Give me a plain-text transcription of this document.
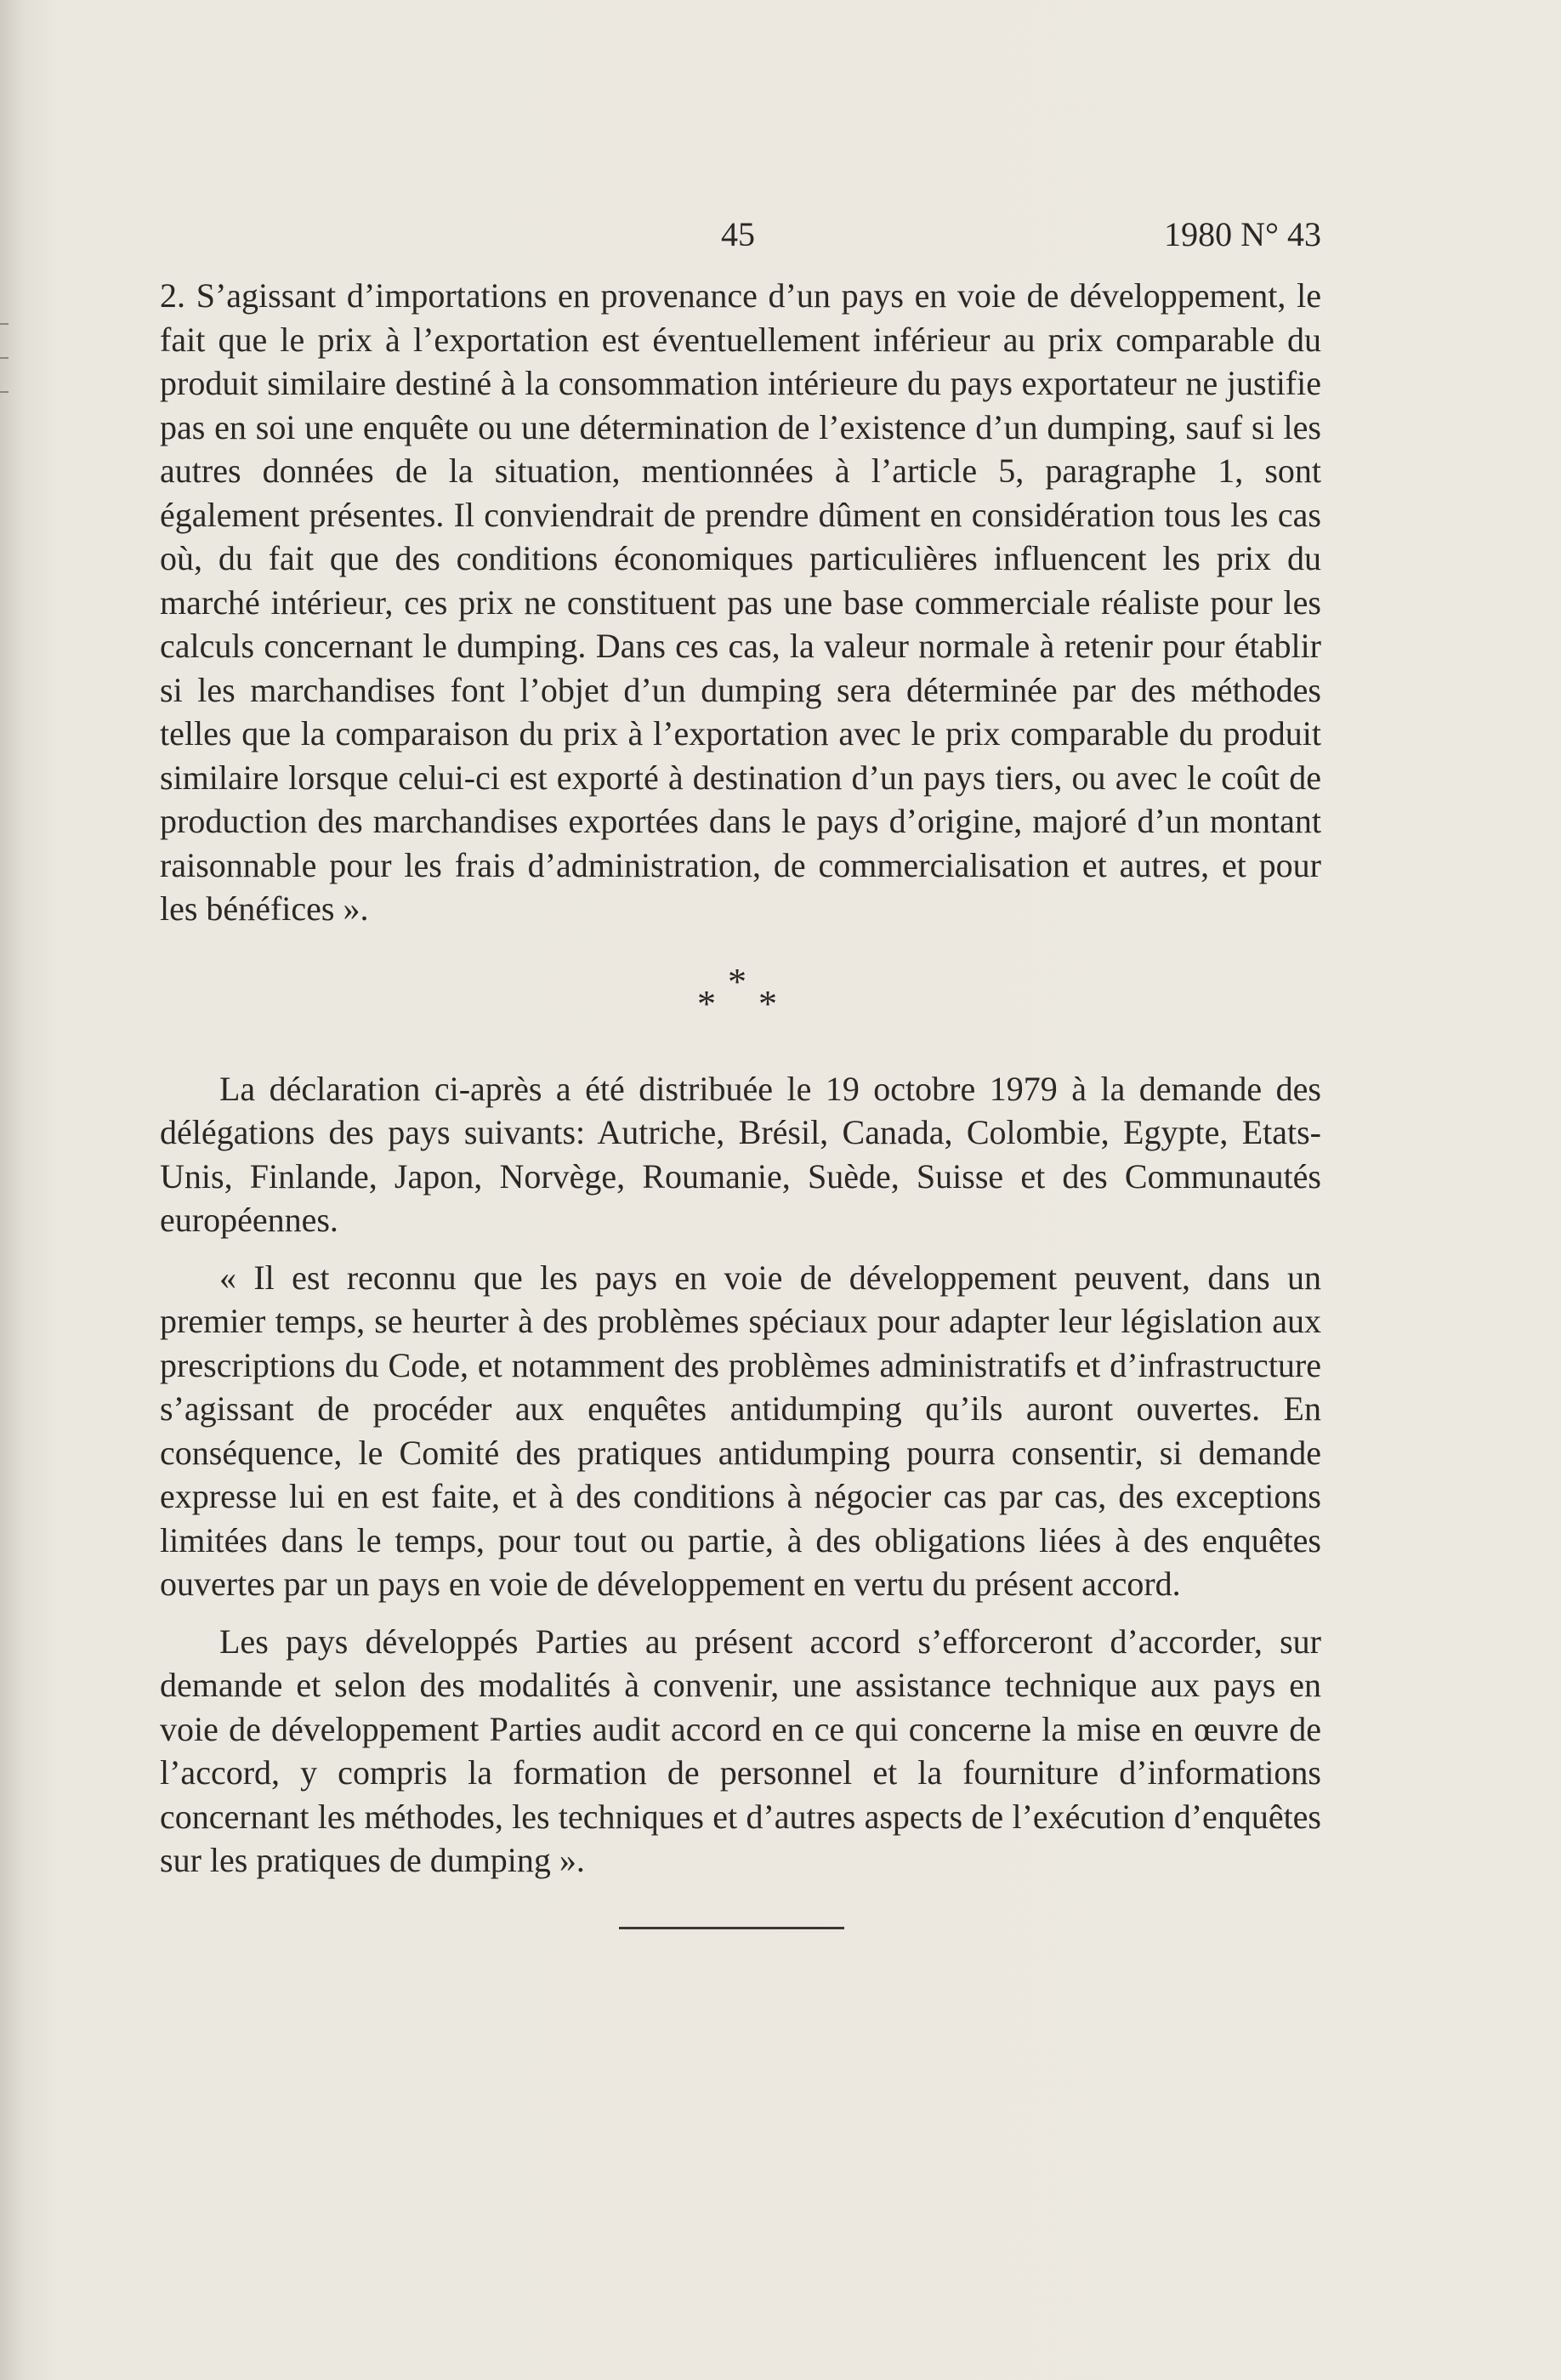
45	1980 N° 43

2. S’agissant d’importations en provenance d’un pays en voie de développement, le fait que le prix à l’exportation est éventuellement inférieur au prix comparable du produit similaire destiné à la consommation intérieure du pays exportateur ne justifie pas en soi une enquête ou une détermination de l’existence d’un dumping, sauf si les autres données de la situation, mentionnées à l’article 5, paragraphe 1, sont également présentes. Il conviendrait de prendre dûment en considération tous les cas où, du fait que des conditions économiques particulières influencent les prix du marché intérieur, ces prix ne constituent pas une base commerciale réaliste pour les calculs concernant le dumping. Dans ces cas, la valeur normale à retenir pour établir si les marchandises font l’objet d’un dumping sera déterminée par des méthodes telles que la comparaison du prix à l’exportation avec le prix comparable du produit similaire lorsque celui-ci est exporté à destination d’un pays tiers, ou avec le coût de production des marchandises exportées dans le pays d’origine, majoré d’un montant raisonnable pour les frais d’administration, de commercialisation et autres, et pour les bénéfices ».

*
* *

La déclaration ci-après a été distribuée le 19 octobre 1979 à la demande des délégations des pays suivants: Autriche, Brésil, Canada, Colombie, Egypte, Etats-Unis, Finlande, Japon, Norvège, Roumanie, Suède, Suisse et des Communautés européennes.

« Il est reconnu que les pays en voie de développement peuvent, dans un premier temps, se heurter à des problèmes spéciaux pour adapter leur législation aux prescriptions du Code, et notamment des problèmes administratifs et d’infrastructure s’agissant de procéder aux enquêtes antidumping qu’ils auront ouvertes. En conséquence, le Comité des pratiques antidumping pourra consentir, si demande expresse lui en est faite, et à des conditions à négocier cas par cas, des exceptions limitées dans le temps, pour tout ou partie, à des obligations liées à des enquêtes ouvertes par un pays en voie de développement en vertu du présent accord.

Les pays développés Parties au présent accord s’efforceront d’accorder, sur demande et selon des modalités à convenir, une assistance technique aux pays en voie de développement Parties audit accord en ce qui concerne la mise en œuvre de l’accord, y compris la formation de personnel et la fourniture d’informations concernant les méthodes, les techniques et d’autres aspects de l’exécution d’enquêtes sur les pratiques de dumping ».
